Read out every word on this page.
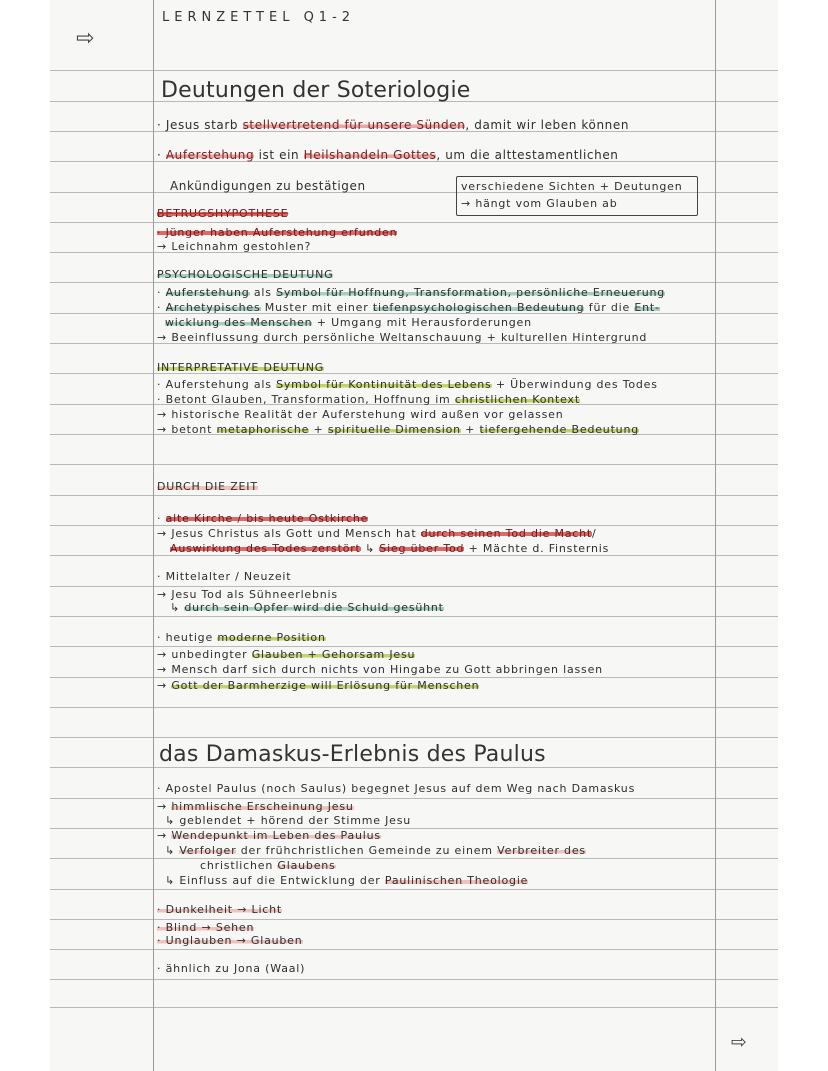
⇨
⇨
LERNZETTEL Q1-2
Deutungen der Soteriologie
· Jesus starb stellvertretend für unsere Sünden, damit wir leben können
· Auferstehung ist ein Heilshandeln Gottes, um die alttestamentlichen
Ankündigungen zu bestätigen	verschiedene Sichten + Deutungen
→ hängt vom Glauben ab
BETRUGSHYPOTHESE
· Jünger haben Auferstehung erfunden
→ Leichnahm gestohlen?
PSYCHOLOGISCHE DEUTUNG
· Auferstehung als Symbol für Hoffnung, Transformation, persönliche Erneuerung
· Archetypisches Muster mit einer tiefenpsychologischen Bedeutung für die Ent-
wicklung des Menschen + Umgang mit Herausforderungen
→ Beeinflussung durch persönliche Weltanschauung + kulturellen Hintergrund
INTERPRETATIVE DEUTUNG
· Auferstehung als Symbol für Kontinuität des Lebens + Überwindung des Todes
· Betont Glauben, Transformation, Hoffnung im christlichen Kontext
→ historische Realität der Auferstehung wird außen vor gelassen
→ betont metaphorische + spirituelle Dimension + tiefergehende Bedeutung
DURCH DIE ZEIT
· alte Kirche / bis heute Ostkirche
→ Jesus Christus als Gott und Mensch hat durch seinen Tod die Macht/
Auswirkung des Todes zerstört ↳ Sieg über Tod + Mächte d. Finsternis
· Mittelalter / Neuzeit
→ Jesu Tod als Sühneerlebnis
↳ durch sein Opfer wird die Schuld gesühnt
· heutige moderne Position
→ unbedingter Glauben + Gehorsam Jesu
→ Mensch darf sich durch nichts von Hingabe zu Gott abbringen lassen
→ Gott der Barmherzige will Erlösung für Menschen
das Damaskus-Erlebnis des Paulus
· Apostel Paulus (noch Saulus) begegnet Jesus auf dem Weg nach Damaskus
→ himmlische Erscheinung Jesu
↳ geblendet + hörend der Stimme Jesu
→ Wendepunkt im Leben des Paulus
↳ Verfolger der frühchristlichen Gemeinde zu einem Verbreiter des
christlichen Glaubens
↳ Einfluss auf die Entwicklung der Paulinischen Theologie
· Dunkelheit → Licht
· Blind → Sehen
· Unglauben → Glauben
· ähnlich zu Jona (Waal)
